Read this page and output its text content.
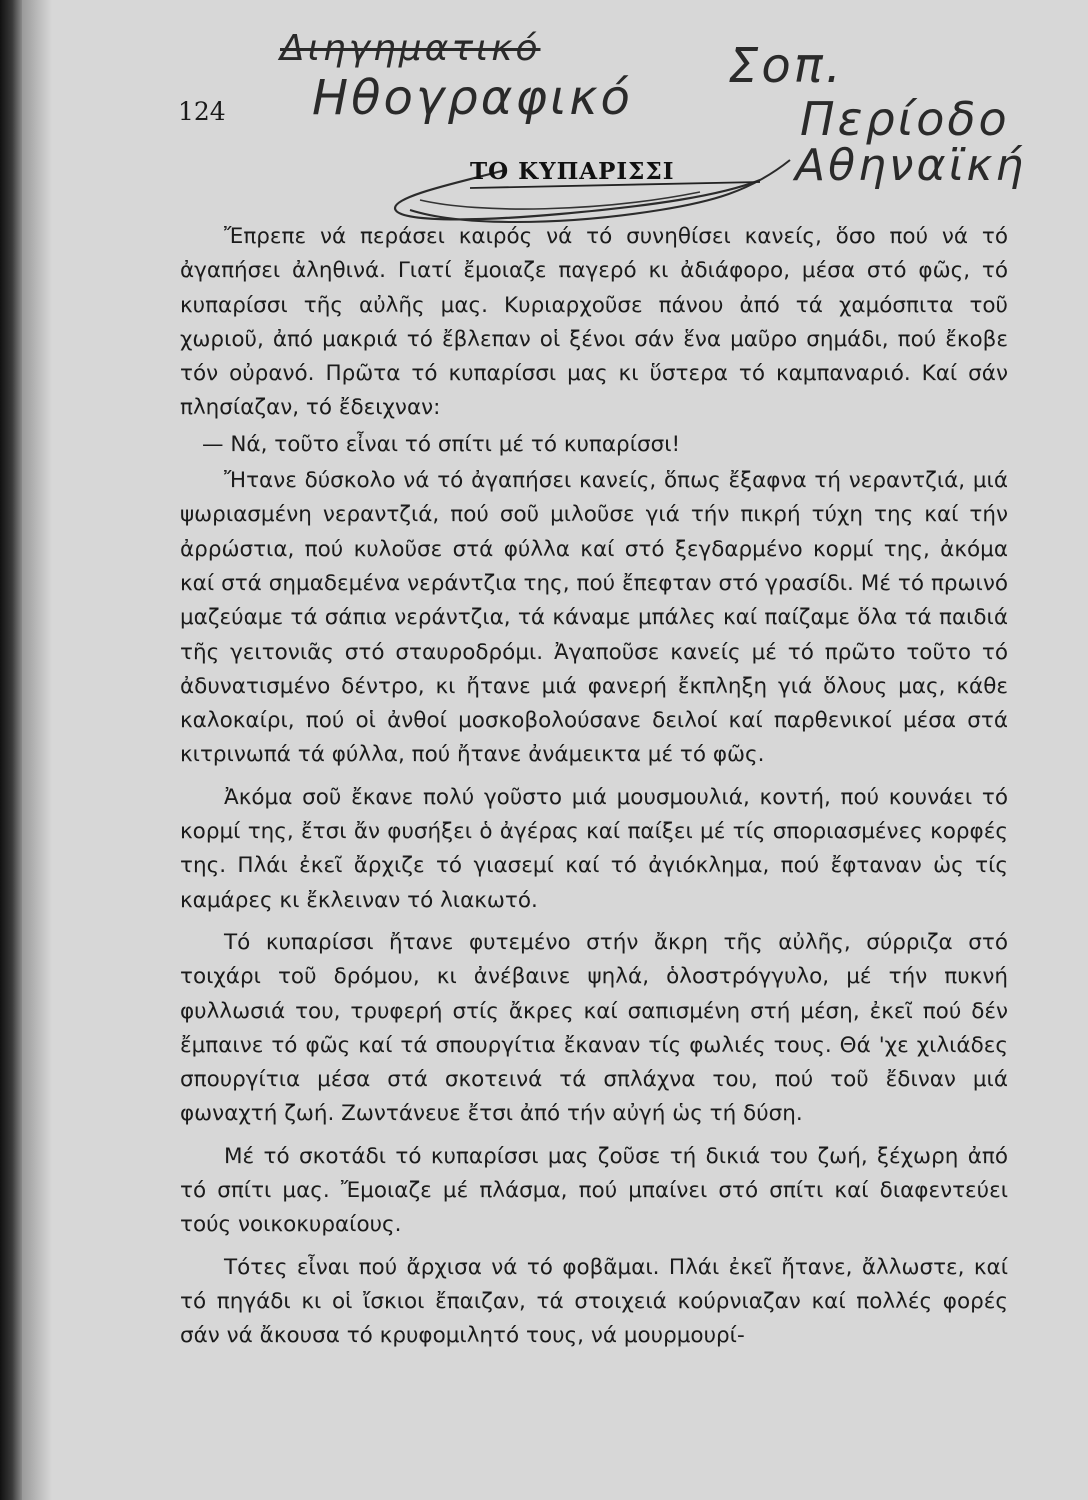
124
Διηγηματικό
Ηθογραφικό
Σοπ.
Περίοδο
Αθηναϊκή
ΤΟ ΚΥΠΑΡΙΣΣΙ

Ἔπρεπε νά περάσει καιρός νά τό συνηθίσει κανείς, ὅσο πού νά τό ἀγαπήσει ἀληθινά. Γιατί ἔμοιαζε παγερό κι ἀδιάφορο, μέσα στό φῶς, τό κυπαρίσσι τῆς αὐλῆς μας. Κυριαρχοῦσε πάνου ἀπό τά χαμόσπιτα τοῦ χωριοῦ, ἀπό μακριά τό ἔβλεπαν οἱ ξένοι σάν ἕνα μαῦρο σημάδι, πού ἔκοβε τόν οὐρανό. Πρῶτα τό κυπαρίσσι μας κι ὕστερα τό καμπαναριό. Καί σάν πλησίαζαν, τό ἔδειχναν:

— Νά, τοῦτο εἶναι τό σπίτι μέ τό κυπαρίσσι!

Ἤτανε δύσκολο νά τό ἀγαπήσει κανείς, ὅπως ἔξαφνα τή νεραντζιά, μιά ψωριασμένη νεραντζιά, πού σοῦ μιλοῦσε γιά τήν πικρή τύχη της καί τήν ἀρρώστια, πού κυλοῦσε στά φύλλα καί στό ξεγδαρμένο κορμί της, ἀκόμα καί στά σημαδεμένα νεράντζια της, πού ἔπεφταν στό γρασίδι. Μέ τό πρωινό μαζεύαμε τά σάπια νεράντζια, τά κάναμε μπάλες καί παίζαμε ὅλα τά παιδιά τῆς γειτονιᾶς στό σταυροδρόμι. Ἀγαποῦσε κανείς μέ τό πρῶτο τοῦτο τό ἀδυνατισμένο δέντρο, κι ἤτανε μιά φανερή ἔκπληξη γιά ὅλους μας, κάθε καλοκαίρι, πού οἱ ἀνθοί μοσκοβολούσανε δειλοί καί παρθενικοί μέσα στά κιτρινωπά τά φύλλα, πού ἤτανε ἀνάμεικτα μέ τό φῶς.

Ἀκόμα σοῦ ἔκανε πολύ γοῦστο μιά μουσμουλιά, κοντή, πού κουνάει τό κορμί της, ἔτσι ἄν φυσήξει ὁ ἀγέρας καί παίξει μέ τίς σποριασμένες κορφές της. Πλάι ἐκεῖ ἄρχιζε τό γιασεμί καί τό ἀγιόκλημα, πού ἔφταναν ὡς τίς καμάρες κι ἔκλειναν τό λιακωτό.

Τό κυπαρίσσι ἤτανε φυτεμένο στήν ἄκρη τῆς αὐλῆς, σύρριζα στό τοιχάρι τοῦ δρόμου, κι ἀνέβαινε ψηλά, ὁλοστρόγγυλο, μέ τήν πυκνή φυλλωσιά του, τρυφερή στίς ἄκρες καί σαπισμένη στή μέση, ἐκεῖ πού δέν ἔμπαινε τό φῶς καί τά σπουργίτια ἔκαναν τίς φωλιές τους. Θά 'χε χιλιάδες σπουργίτια μέσα στά σκοτεινά τά σπλάχνα του, πού τοῦ ἔδιναν μιά φωναχτή ζωή. Ζωντάνευε ἔτσι ἀπό τήν αὐγή ὡς τή δύση.

Μέ τό σκοτάδι τό κυπαρίσσι μας ζοῦσε τή δικιά του ζωή, ξέχωρη ἀπό τό σπίτι μας. Ἔμοιαζε μέ πλάσμα, πού μπαίνει στό σπίτι καί διαφεντεύει τούς νοικοκυραίους.

Τότες εἶναι πού ἄρχισα νά τό φοβᾶμαι. Πλάι ἐκεῖ ἤτανε, ἄλλωστε, καί τό πηγάδι κι οἱ ἴσκιοι ἔπαιζαν, τά στοιχειά κούρνιαζαν καί πολλές φορές σάν νά ἄκουσα τό κρυφομιλητό τους, νά μουρμουρί-
